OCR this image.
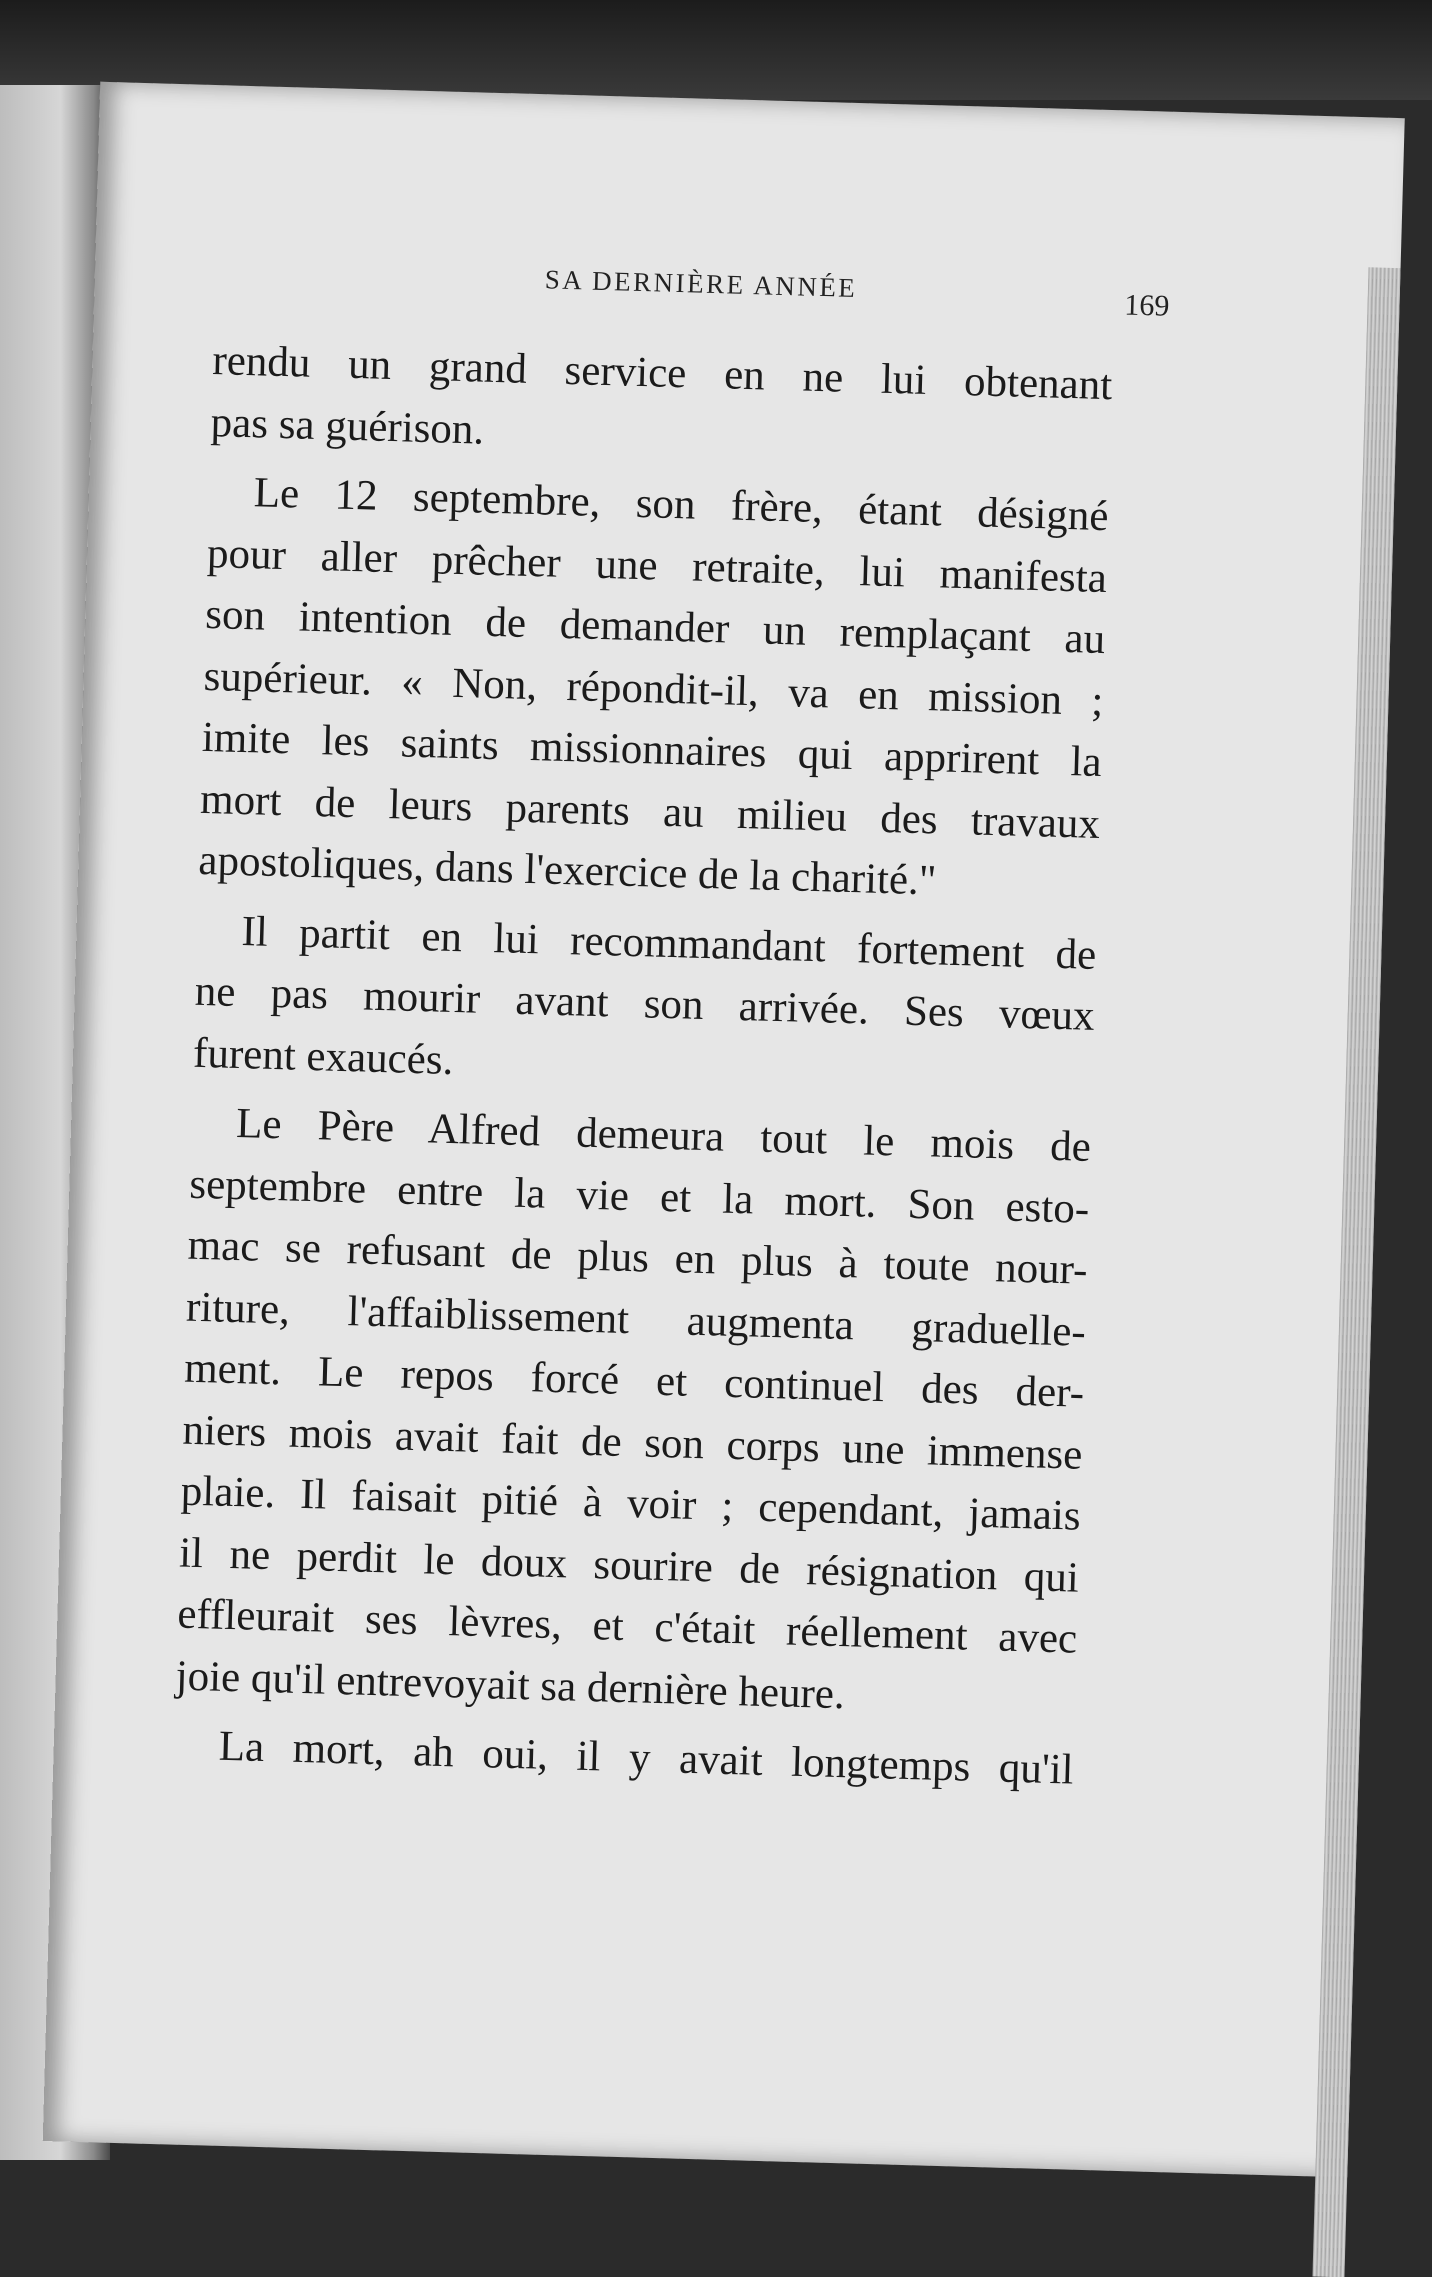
SA DERNIÈRE ANNÉE
169
rendu un grand service en ne lui obtenant
pas sa guérison.
Le 12 septembre, son frère, étant désigné
pour aller prêcher une retraite, lui manifesta
son intention de demander un remplaçant au
supérieur. « Non, répondit-il, va en mission ;
imite les saints missionnaires qui apprirent la
mort de leurs parents au milieu des travaux
apostoliques, dans l'exercice de la charité."
Il partit en lui recommandant fortement de
ne pas mourir avant son arrivée. Ses vœux
furent exaucés.
Le Père Alfred demeura tout le mois de
septembre entre la vie et la mort. Son esto-
mac se refusant de plus en plus à toute nour-
riture, l'affaiblissement augmenta graduelle-
ment. Le repos forcé et continuel des der-
niers mois avait fait de son corps une immense
plaie. Il faisait pitié à voir ; cependant, jamais
il ne perdit le doux sourire de résignation qui
effleurait ses lèvres, et c'était réellement avec
joie qu'il entrevoyait sa dernière heure.
La mort, ah oui, il y avait longtemps qu'il
